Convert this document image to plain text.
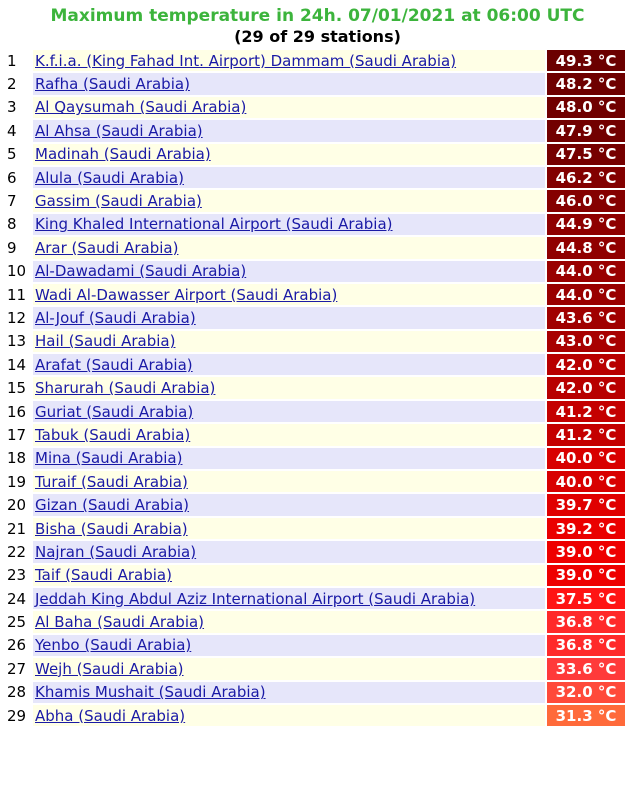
Maximum temperature in 24h. 07/01/2021 at 06:00 UTC
(29 of 29 stations)
1	K.f.i.a. (King Fahad Int. Airport) Dammam (Saudi Arabia)	49.3 °C
2	Rafha (Saudi Arabia)	48.2 °C
3	Al Qaysumah (Saudi Arabia)	48.0 °C
4	Al Ahsa (Saudi Arabia)	47.9 °C
5	Madinah (Saudi Arabia)	47.5 °C
6	Alula (Saudi Arabia)	46.2 °C
7	Gassim (Saudi Arabia)	46.0 °C
8	King Khaled International Airport (Saudi Arabia)	44.9 °C
9	Arar (Saudi Arabia)	44.8 °C
10	Al-Dawadami (Saudi Arabia)	44.0 °C
11	Wadi Al-Dawasser Airport (Saudi Arabia)	44.0 °C
12	Al-Jouf (Saudi Arabia)	43.6 °C
13	Hail (Saudi Arabia)	43.0 °C
14	Arafat (Saudi Arabia)	42.0 °C
15	Sharurah (Saudi Arabia)	42.0 °C
16	Guriat (Saudi Arabia)	41.2 °C
17	Tabuk (Saudi Arabia)	41.2 °C
18	Mina (Saudi Arabia)	40.0 °C
19	Turaif (Saudi Arabia)	40.0 °C
20	Gizan (Saudi Arabia)	39.7 °C
21	Bisha (Saudi Arabia)	39.2 °C
22	Najran (Saudi Arabia)	39.0 °C
23	Taif (Saudi Arabia)	39.0 °C
24	Jeddah King Abdul Aziz International Airport (Saudi Arabia)	37.5 °C
25	Al Baha (Saudi Arabia)	36.8 °C
26	Yenbo (Saudi Arabia)	36.8 °C
27	Wejh (Saudi Arabia)	33.6 °C
28	Khamis Mushait (Saudi Arabia)	32.0 °C
29	Abha (Saudi Arabia)	31.3 °C
